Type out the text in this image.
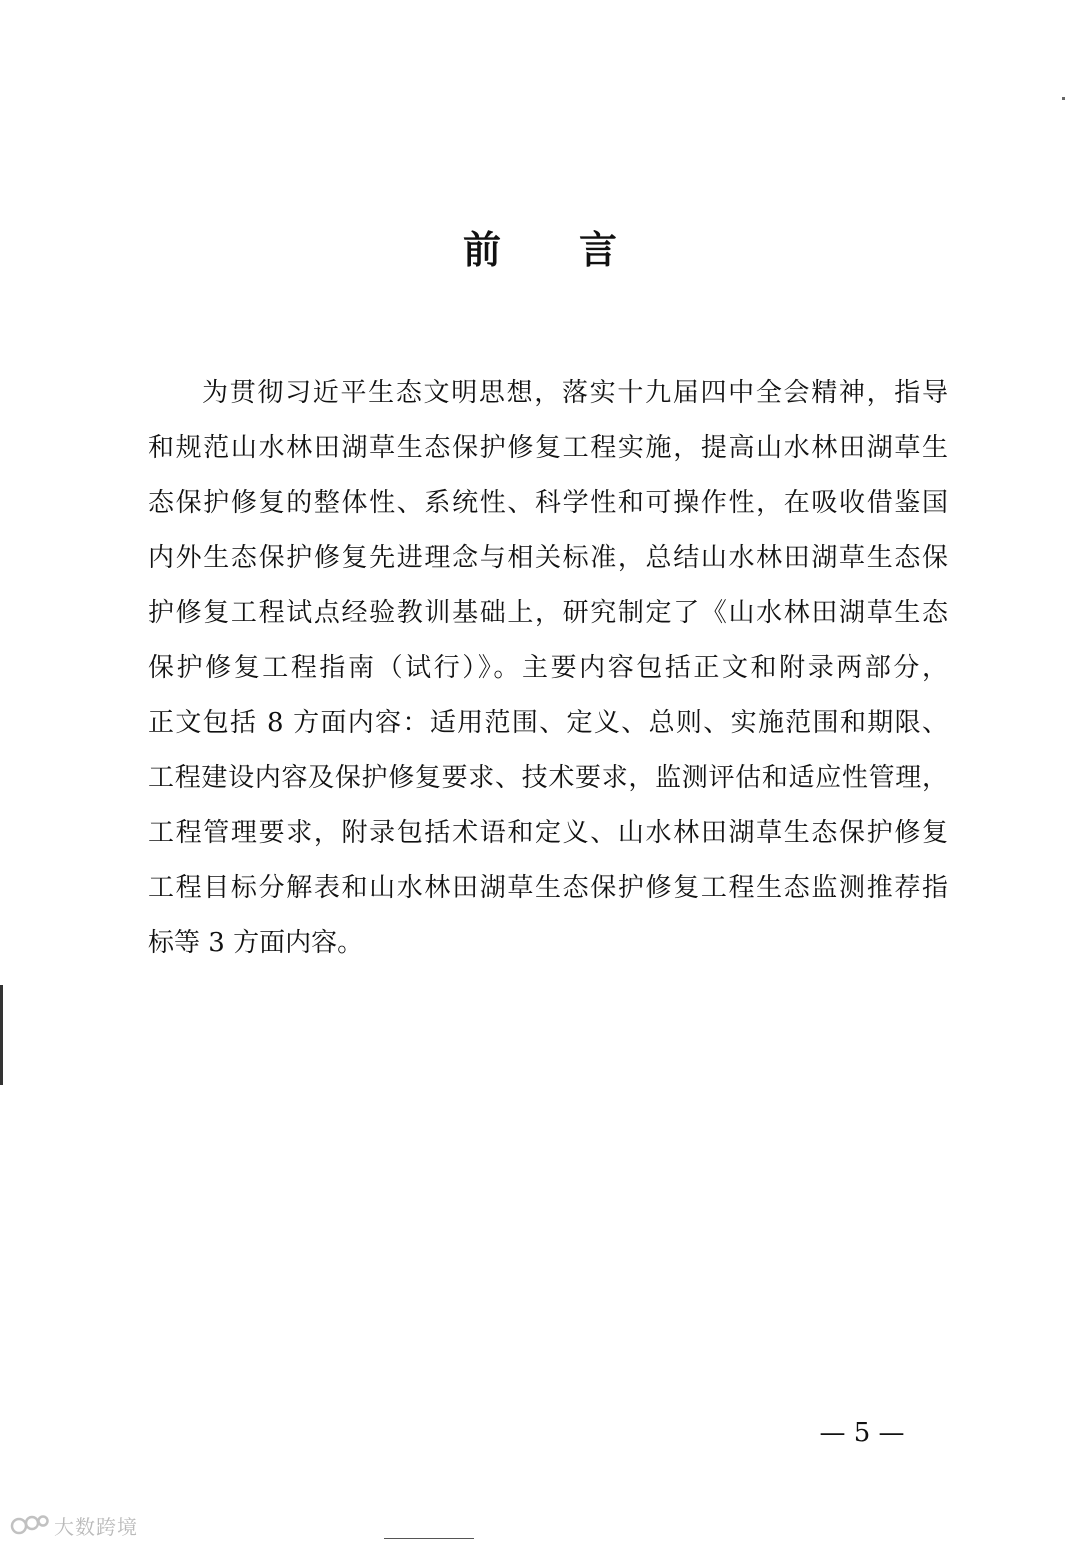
前 言
为贯彻习近平生态文明思想，落实十九届四中全会精神，指导
和规范山水林田湖草生态保护修复工程实施，提高山水林田湖草生
态保护修复的整体性、系统性、科学性和可操作性，在吸收借鉴国
内外生态保护修复先进理念与相关标准，总结山水林田湖草生态保
护修复工程试点经验教训基础上，研究制定了《山水林田湖草生态
保护修复工程指南（试行）》。主要内容包括正文和附录两部分，
正文包括 8 方面内容：适用范围、定义、总则、实施范围和期限、
工程建设内容及保护修复要求、技术要求，监测评估和适应性管理，
工程管理要求，附录包括术语和定义、山水林田湖草生态保护修复
工程目标分解表和山水林田湖草生态保护修复工程生态监测推荐指
标等 3 方面内容。
— 5 —
大数跨境
